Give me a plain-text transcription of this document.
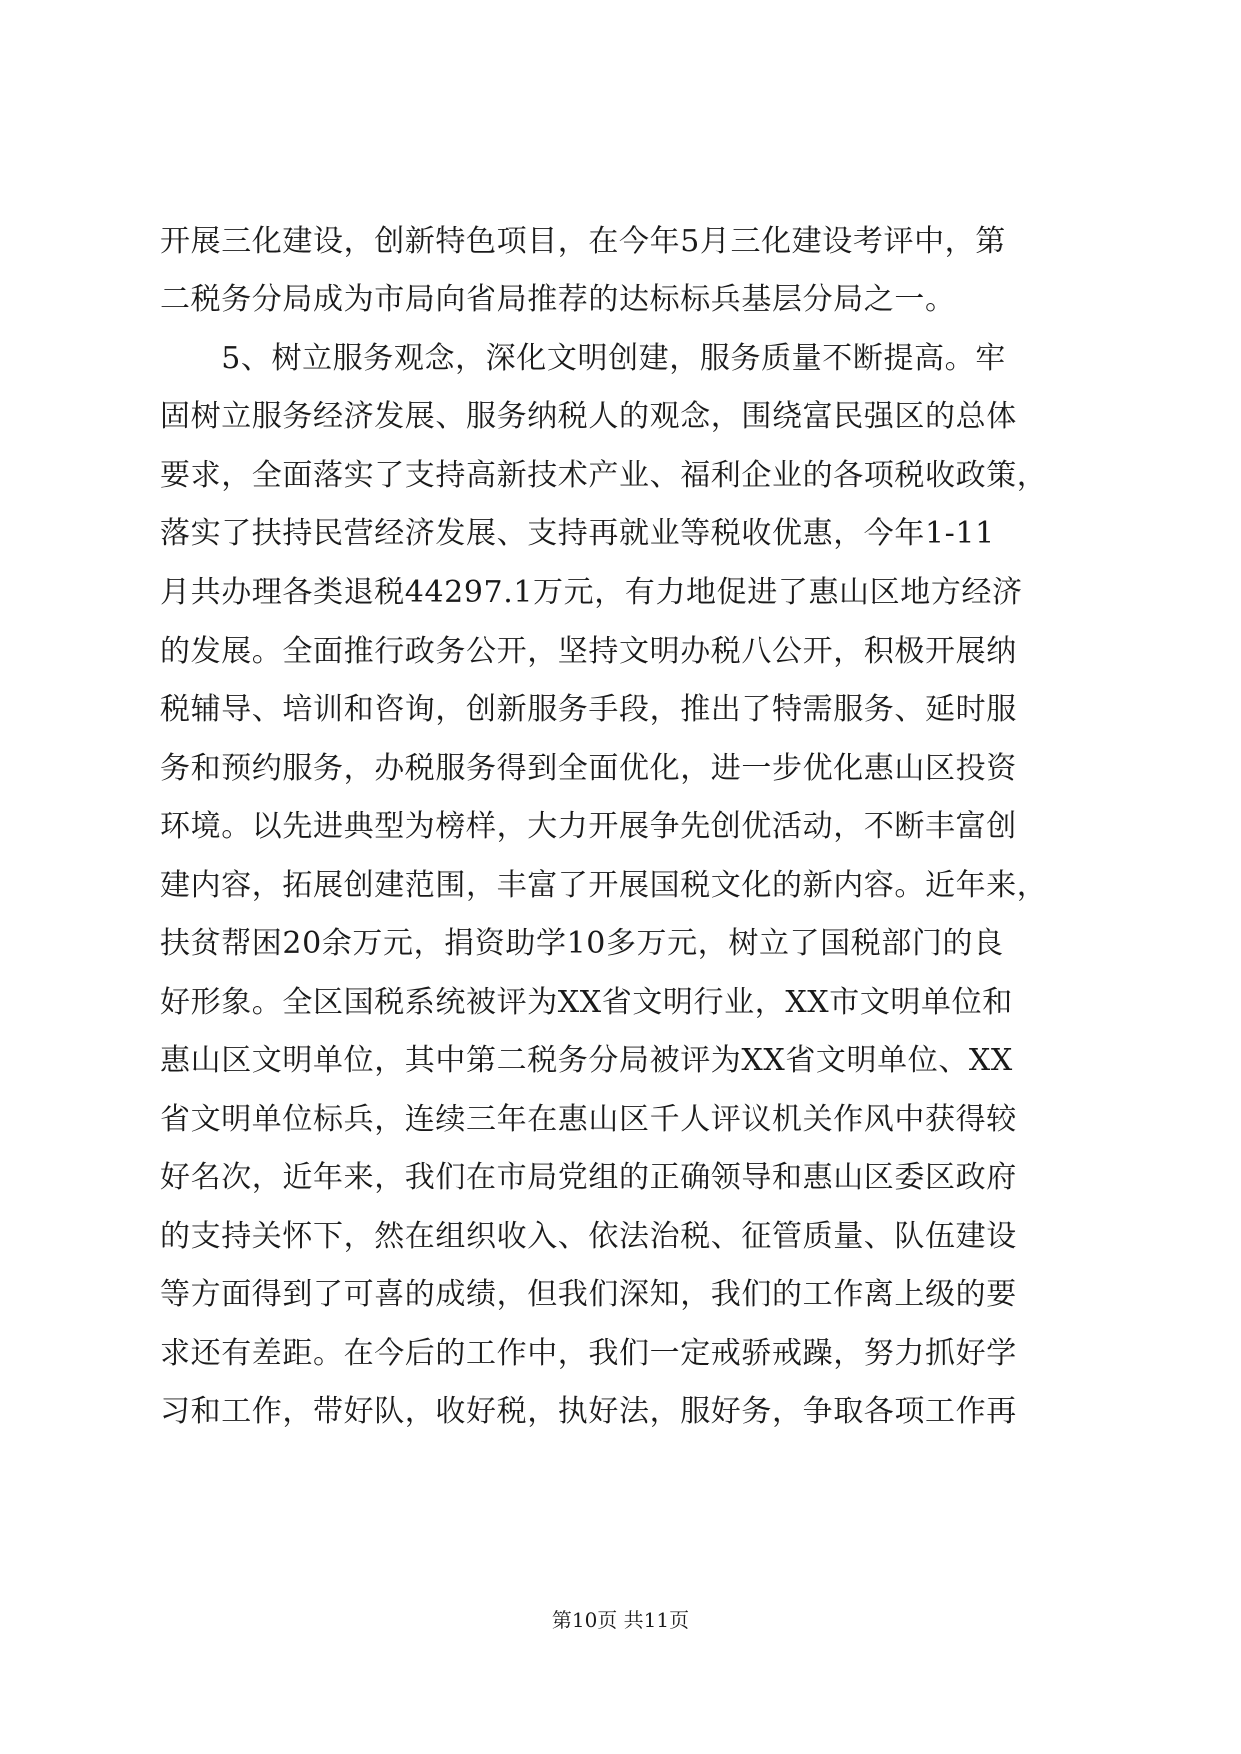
开展三化建设，创新特色项目，在今年5月三化建设考评中，第
二税务分局成为市局向省局推荐的达标标兵基层分局之一。
　　5、树立服务观念，深化文明创建，服务质量不断提高。牢
固树立服务经济发展、服务纳税人的观念，围绕富民强区的总体
要求，全面落实了支持高新技术产业、福利企业的各项税收政策，
落实了扶持民营经济发展、支持再就业等税收优惠，今年1-11
月共办理各类退税44297.1万元，有力地促进了惠山区地方经济
的发展。全面推行政务公开，坚持文明办税八公开，积极开展纳
税辅导、培训和咨询，创新服务手段，推出了特需服务、延时服
务和预约服务，办税服务得到全面优化，进一步优化惠山区投资
环境。以先进典型为榜样，大力开展争先创优活动，不断丰富创
建内容，拓展创建范围，丰富了开展国税文化的新内容。近年来，
扶贫帮困20余万元，捐资助学10多万元，树立了国税部门的良
好形象。全区国税系统被评为XX省文明行业，XX市文明单位和
惠山区文明单位，其中第二税务分局被评为XX省文明单位、XX
省文明单位标兵，连续三年在惠山区千人评议机关作风中获得较
好名次，近年来，我们在市局党组的正确领导和惠山区委区政府
的支持关怀下，然在组织收入、依法治税、征管质量、队伍建设
等方面得到了可喜的成绩，但我们深知，我们的工作离上级的要
求还有差距。在今后的工作中，我们一定戒骄戒躁，努力抓好学
习和工作，带好队，收好税，执好法，服好务，争取各项工作再
第10页 共11页
